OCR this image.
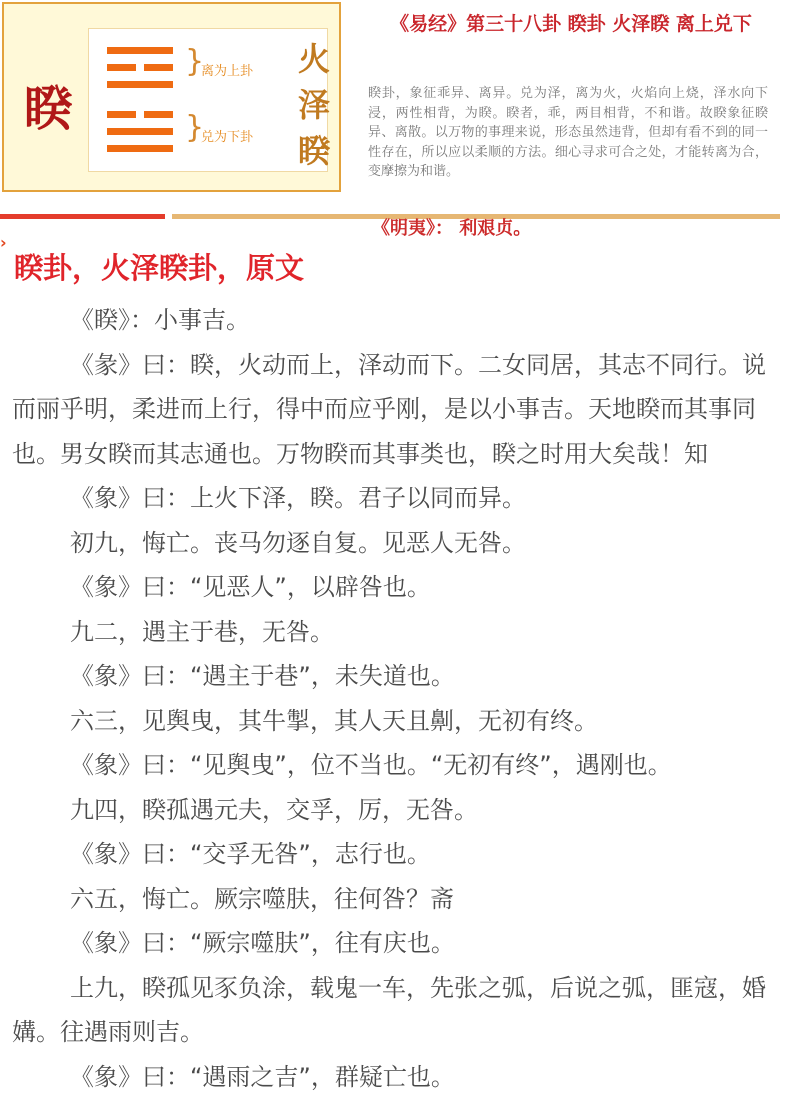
睽
}
离为上卦
}
兑为下卦
火
泽
睽
《易经》第三十八卦 睽卦 火泽睽 离上兑下
睽卦，象征乖异、离异。兑为泽，离为火，火焰向上烧，泽水向下浸，两性相背，为睽。睽者，乖，两目相背，不和谐。故睽象征睽异、离散。以万物的事理来说，形态虽然违背，但却有看不到的同一性存在，所以应以柔顺的方法。细心寻求可合之处，才能转离为合，变摩擦为和谐。
《明夷》： 利艰贞。
›
睽卦，火泽睽卦，原文

《睽》：小事吉。

《彖》曰：睽，火动而上，泽动而下。二女同居，其志不同行。说而丽乎明，柔进而上行，得中而应乎刚，是以小事吉。天地睽而其事同也。男女睽而其志通也。万物睽而其事类也，睽之时用大矣哉！知

《象》曰：上火下泽，睽。君子以同而异。

初九，悔亡。丧马勿逐自复。见恶人无咎。

《象》曰：“见恶人”，以辟咎也。

九二，遇主于巷，无咎。

《象》曰：“遇主于巷”，未失道也。

六三，见舆曳，其牛掣，其人天且劓，无初有终。

《象》曰：“见舆曳”，位不当也。“无初有终”，遇刚也。

九四，睽孤遇元夫，交孚，厉，无咎。

《象》曰：“交孚无咎”，志行也。

六五，悔亡。厥宗噬肤，往何咎？斋

《象》曰：“厥宗噬肤”，往有庆也。

上九，睽孤见豕负涂，载鬼一车，先张之弧，后说之弧，匪寇，婚媾。往遇雨则吉。

《象》曰：“遇雨之吉”，群疑亡也。
